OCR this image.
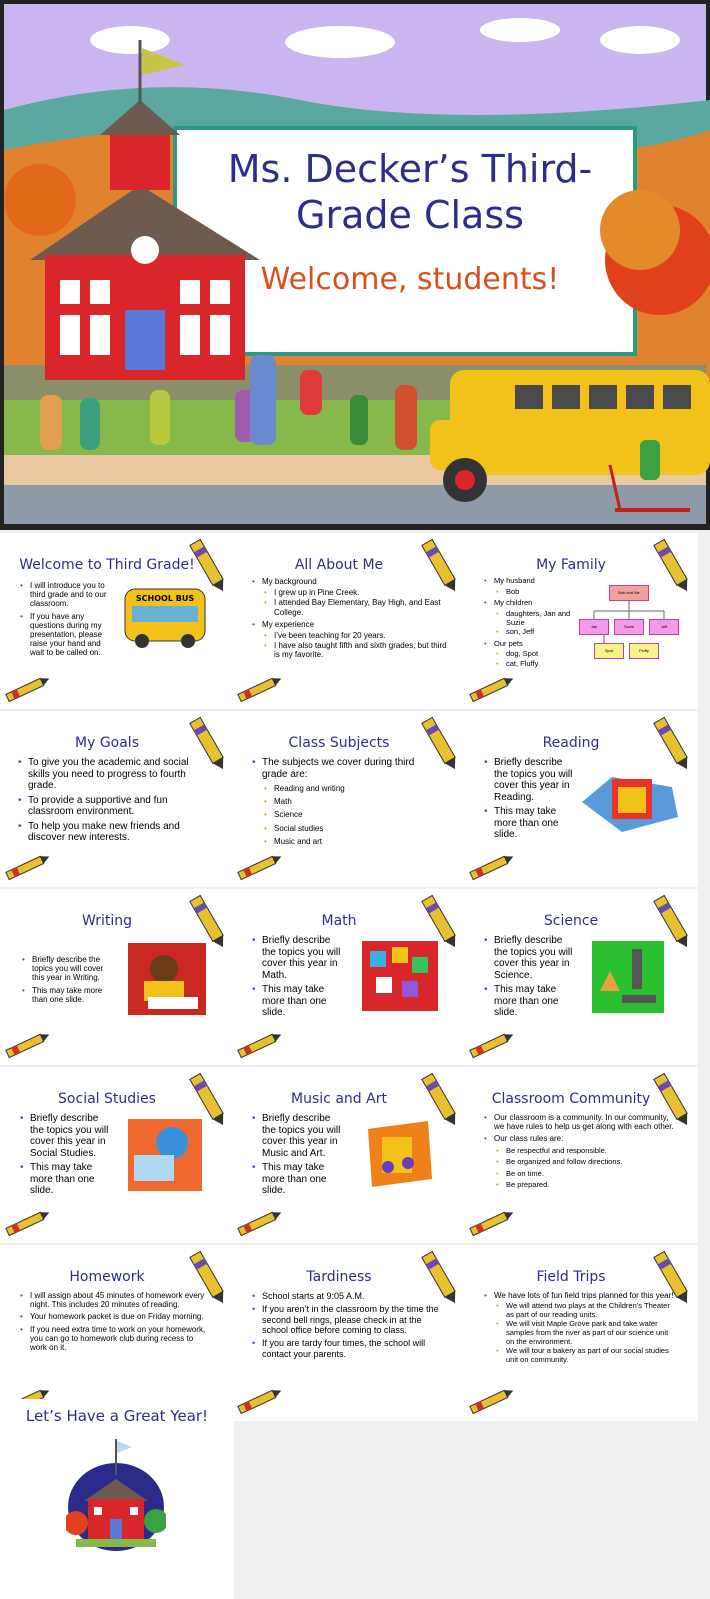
Ms. Decker’s Third-
Grade Class
Welcome, students!
Welcome to Third Grade!
• I will introduce you to third grade and to our classroom.
• If you have any questions during my presentation, please raise your hand and wait to be called on.
SCHOOL BUS
All About Me
• My background
• I grew up in Pine Creek.
• I attended Bay Elementary, Bay High, and East College.
• My experience
• I’ve been teaching for 20 years.
• I have also taught fifth and sixth grades, but third is my favorite.
My Family
• My husband
• Bob
• My children
• daughters, Jan and Suzie
• son, Jeff
• Our pets
• dog, Spot
• cat, Fluffy
Bob and Me
Jan	Suzie	Jeff
Spot	Fluffy
My Goals
• To give you the academic and social skills you need to progress to fourth grade.
• To provide a supportive and fun classroom environment.
• To help you make new friends and discover new interests.
Class Subjects
• The subjects we cover during third grade are:
• Reading and writing
• Math
• Science
• Social studies
• Music and art
Reading
• Briefly describe the topics you will cover this year in Reading.
• This may take more than one slide.
Writing
• Briefly describe the topics you will cover this year in Writing.
• This may take more than one slide.
Math
• Briefly describe the topics you will cover this year in Math.
• This may take more than one slide.
Science
• Briefly describe the topics you will cover this year in Science.
• This may take more than one slide.
Social Studies
• Briefly describe the topics you will cover this year in Social Studies.
• This may take more than one slide.
Music and Art
• Briefly describe the topics you will cover this year in Music and Art.
• This may take more than one slide.
Classroom Community
• Our classroom is a community. In our community, we have rules to help us get along with each other.
• Our class rules are:
• Be respectful and responsible.
• Be organized and follow directions.
• Be on time.
• Be prepared.
Homework
• I will assign about 45 minutes of homework every night. This includes 20 minutes of reading.
• Your homework packet is due on Friday morning.
• If you need extra time to work on your homework, you can go to homework club during recess to work on it.
Tardiness
• School starts at 9:05 A.M.
• If you aren’t in the classroom by the time the second bell rings, please check in at the school office before coming to class.
• If you are tardy four times, the school will contact your parents.
Field Trips
• We have lots of fun field trips planned for this year!
• We will attend two plays at the Children’s Theater as part of our reading units.
• We will visit Maple Grove park and take water samples from the river as part of our science unit on the environment.
• We will tour a bakery as part of our social studies unit on community.
Let’s Have a Great Year!
